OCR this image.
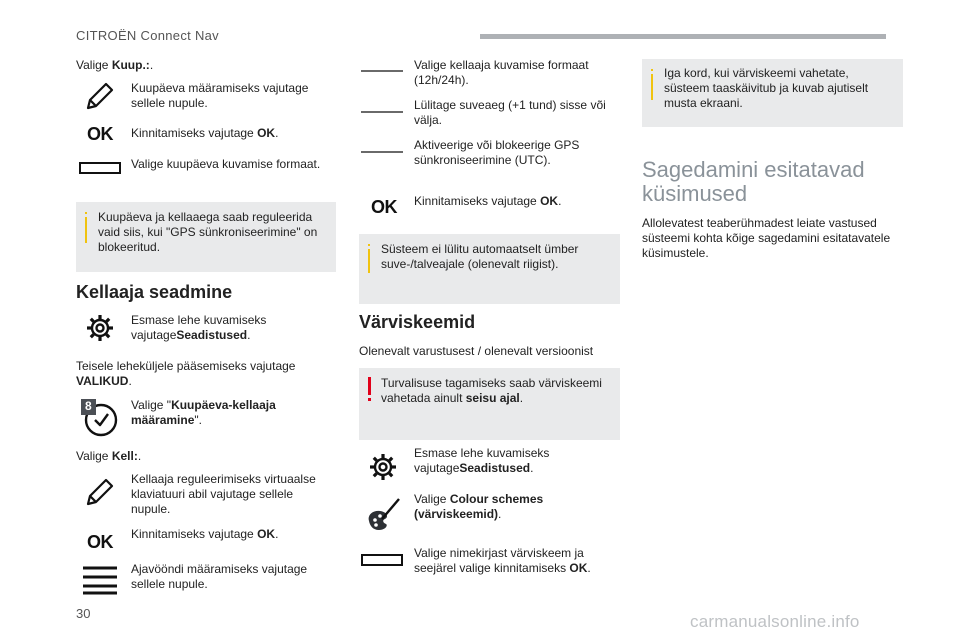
CITROËN Connect Nav
Valige Kuup.:.
Kuupäeva määramiseks vajutage sellele nupule.
OK	Kinnitamiseks vajutage OK.
Valige kuupäeva kuvamise formaat.
Kuupäeva ja kellaaega saab reguleerida vaid siis, kui "GPS sünkroniseerimine" on blokeeritud.
Kellaaja seadmine
Esmase lehe kuvamiseks vajutageSeadistused.
Teisele leheküljele pääsemiseks vajutage VALIKUD.
8	Valige "Kuupäeva-kellaaja määramine".
Valige Kell:.
Kellaaja reguleerimiseks virtuaalse klaviatuuri abil vajutage sellele nupule.
OK	Kinnitamiseks vajutage OK.
Ajavööndi määramiseks vajutage sellele nupule.
Valige kellaaja kuvamise formaat (12h/24h).
Lülitage suveaeg (+1 tund) sisse või välja.
Aktiveerige või blokeerige GPS sünkroniseerimine (UTC).
OK	Kinnitamiseks vajutage OK.
Süsteem ei lülitu automaatselt ümber suve-/talveajale (olenevalt riigist).
Värviskeemid
Olenevalt varustusest / olenevalt versioonist
Turvalisuse tagamiseks saab värviskeemi vahetada ainult seisu ajal.
Esmase lehe kuvamiseks vajutageSeadistused.
Valige Colour schemes (värviskeemid).
Valige nimekirjast värviskeem ja seejärel valige kinnitamiseks OK.
Iga kord, kui värviskeemi vahetate, süsteem taaskäivitub ja kuvab ajutiselt musta ekraani.
Sagedamini esitatavad
küsimused
Allolevatest teaberühmadest leiate vastused süsteemi kohta kõige sagedamini esitatavatele küsimustele.
30	carmanualsonline.info
